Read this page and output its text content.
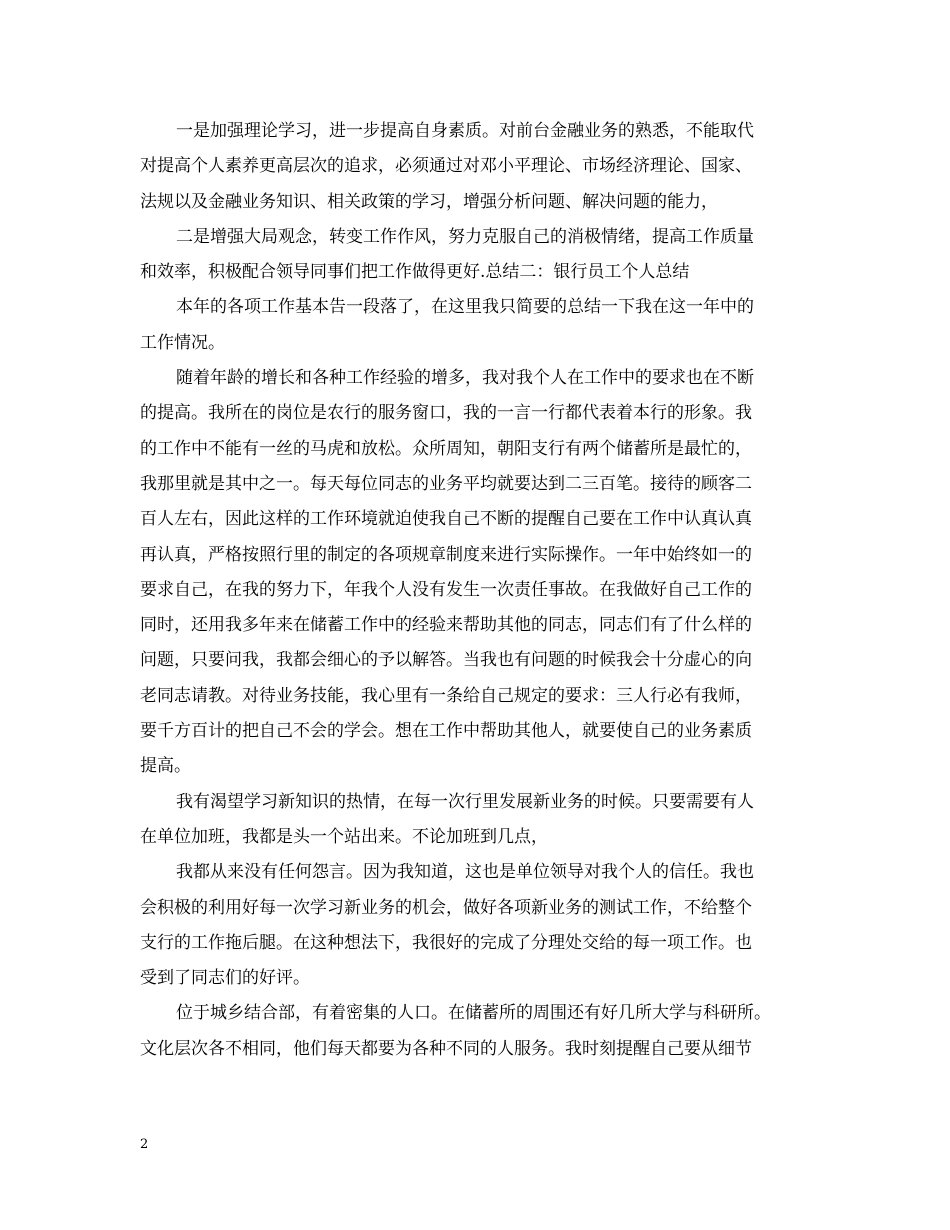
一是加强理论学习，进一步提高自身素质。对前台金融业务的熟悉，不能取代
对提高个人素养更高层次的追求，必须通过对邓小平理论、市场经济理论、国家、
法规以及金融业务知识、相关政策的学习，增强分析问题、解决问题的能力，
二是增强大局观念，转变工作作风，努力克服自己的消极情绪，提高工作质量
和效率，积极配合领导同事们把工作做得更好.总结二：银行员工个人总结
本年的各项工作基本告一段落了，在这里我只简要的总结一下我在这一年中的
工作情况。
随着年龄的增长和各种工作经验的增多，我对我个人在工作中的要求也在不断
的提高。我所在的岗位是农行的服务窗口，我的一言一行都代表着本行的形象。我
的工作中不能有一丝的马虎和放松。众所周知，朝阳支行有两个储蓄所是最忙的，
我那里就是其中之一。每天每位同志的业务平均就要达到二三百笔。接待的顾客二
百人左右，因此这样的工作环境就迫使我自己不断的提醒自己要在工作中认真认真
再认真，严格按照行里的制定的各项规章制度来进行实际操作。一年中始终如一的
要求自己，在我的努力下，年我个人没有发生一次责任事故。在我做好自己工作的
同时，还用我多年来在储蓄工作中的经验来帮助其他的同志，同志们有了什么样的
问题，只要问我，我都会细心的予以解答。当我也有问题的时候我会十分虚心的向
老同志请教。对待业务技能，我心里有一条给自己规定的要求：三人行必有我师，
要千方百计的把自己不会的学会。想在工作中帮助其他人，就要使自己的业务素质
提高。
我有渴望学习新知识的热情，在每一次行里发展新业务的时候。只要需要有人
在单位加班，我都是头一个站出来。不论加班到几点，
我都从来没有任何怨言。因为我知道，这也是单位领导对我个人的信任。我也
会积极的利用好每一次学习新业务的机会，做好各项新业务的测试工作，不给整个
支行的工作拖后腿。在这种想法下，我很好的完成了分理处交给的每一项工作。也
受到了同志们的好评。
位于城乡结合部，有着密集的人口。在储蓄所的周围还有好几所大学与科研所。
文化层次各不相同，他们每天都要为各种不同的人服务。我时刻提醒自己要从细节
2
